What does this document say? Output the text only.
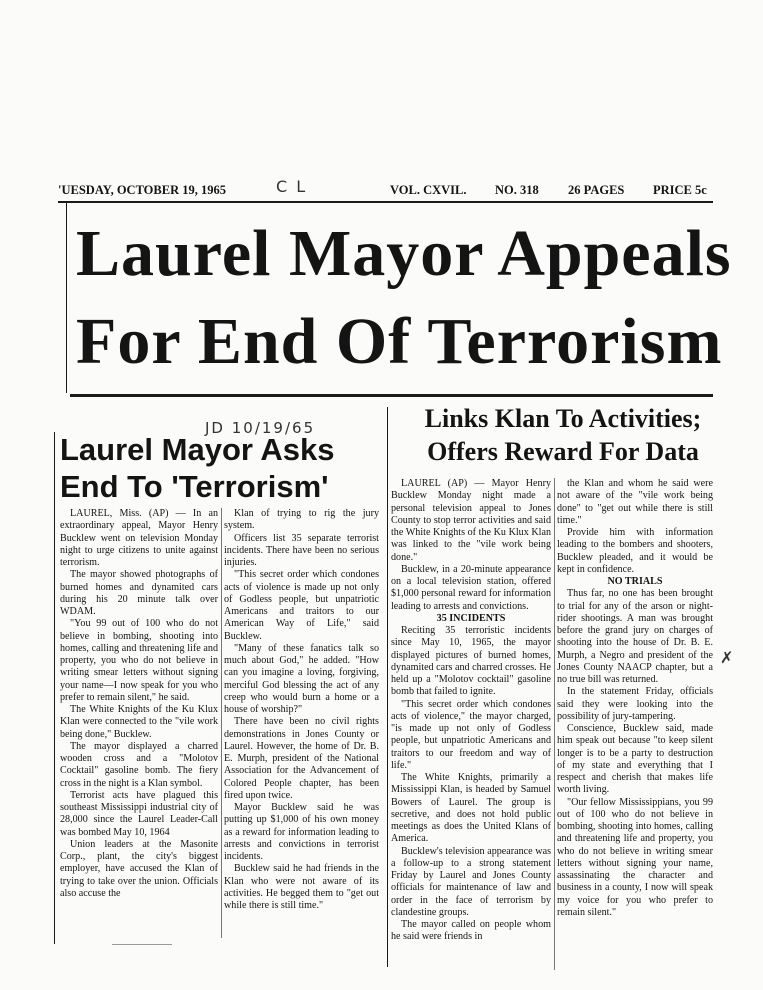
'UESDAY, OCTOBER 19, 1965	C L	VOL. CXVIL. NO. 318 26 PAGES PRICE 5c
Laurel Mayor Appeals
For End Of Terrorism
JD 10/19/65
Laurel Mayor Asks
End To 'Terrorism'

LAUREL, Miss. (AP) — In an extraordinary appeal, Mayor Henry Bucklew went on television Monday night to urge citizens to unite against terrorism.

The mayor showed photographs of burned homes and dynamited cars during his 20 minute talk over WDAM.

"You 99 out of 100 who do not believe in bombing, shooting into homes, calling and threatening life and property, you who do not believe in writing smear letters without signing your name—I now speak for you who prefer to remain silent," he said.

The White Knights of the Ku Klux Klan were connected to the "vile work being done," Bucklew.

The mayor displayed a charred wooden cross and a "Molotov Cocktail" gasoline bomb. The fiery cross in the night is a Klan symbol.

Terrorist acts have plagued this southeast Mississippi industrial city of 28,000 since the Laurel Leader-Call was bombed May 10, 1964

Union leaders at the Masonite Corp., plant, the city's biggest employer, have accused the Klan of trying to take over the union. Officials also accuse the

Klan of trying to rig the jury system.

Officers list 35 separate terrorist incidents. There have been no serious injuries.

"This secret order which condones acts of violence is made up not only of Godless people, but unpatriotic Americans and traitors to our American Way of Life," said Bucklew.

"Many of these fanatics talk so much about God," he added. "How can you imagine a loving, forgiving, merciful God blessing the act of any creep who would burn a home or a house of worship?"

There have been no civil rights demonstrations in Jones County or Laurel. However, the home of Dr. B. E. Murph, president of the National Association for the Advancement of Colored People chapter, has been fired upon twice.

Mayor Bucklew said he was putting up $1,000 of his own money as a reward for information leading to arrests and convictions in terrorist incidents.

Bucklew said he had friends in the Klan who were not aware of its activities. He begged them to "get out while there is still time."

Links Klan To Activities;
Offers Reward For Data

LAUREL (AP) — Mayor Henry Bucklew Monday night made a personal television appeal to Jones County to stop terror activities and said the White Knights of the Ku Klux Klan was linked to the "vile work being done."

Bucklew, in a 20-minute appearance on a local television station, offered $1,000 personal reward for information leading to arrests and convictions.

35 INCIDENTS

Reciting 35 terroristic incidents since May 10, 1965, the mayor displayed pictures of burned homes, dynamited cars and charred crosses. He held up a "Molotov cocktail" gasoline bomb that failed to ignite.

"This secret order which condones acts of violence," the mayor charged, "is made up not only of Godless people, but unpatriotic Americans and traitors to our freedom and way of life."

The White Knights, primarily a Mississippi Klan, is headed by Samuel Bowers of Laurel. The group is secretive, and does not hold public meetings as does the United Klans of America.

Bucklew's television appearance was a follow-up to a strong statement Friday by Laurel and Jones County officials for maintenance of law and order in the face of terrorism by clandestine groups.

The mayor called on people whom he said were friends in

the Klan and whom he said were not aware of the "vile work being done" to "get out while there is still time."

Provide him with information leading to the bombers and shooters, Bucklew pleaded, and it would be kept in confidence.

NO TRIALS

Thus far, no one has been brought to trial for any of the arson or night-rider shootings. A man was brought before the grand jury on charges of shooting into the house of Dr. B. E. Murph, a Negro and president of the Jones County NAACP chapter, but a no true bill was returned.

In the statement Friday, officials said they were looking into the possibility of jury-tampering.

Conscience, Bucklew said, made him speak out because "to keep silent longer is to be a party to destruction of my state and everything that I respect and cherish that makes life worth living.

"Our fellow Mississippians, you 99 out of 100 who do not believe in bombing, shooting into homes, calling and threatening life and property, you who do not believe in writing smear letters without signing your name, assassinating the character and business in a county, I now will speak my voice for you who prefer to remain silent."

✗
